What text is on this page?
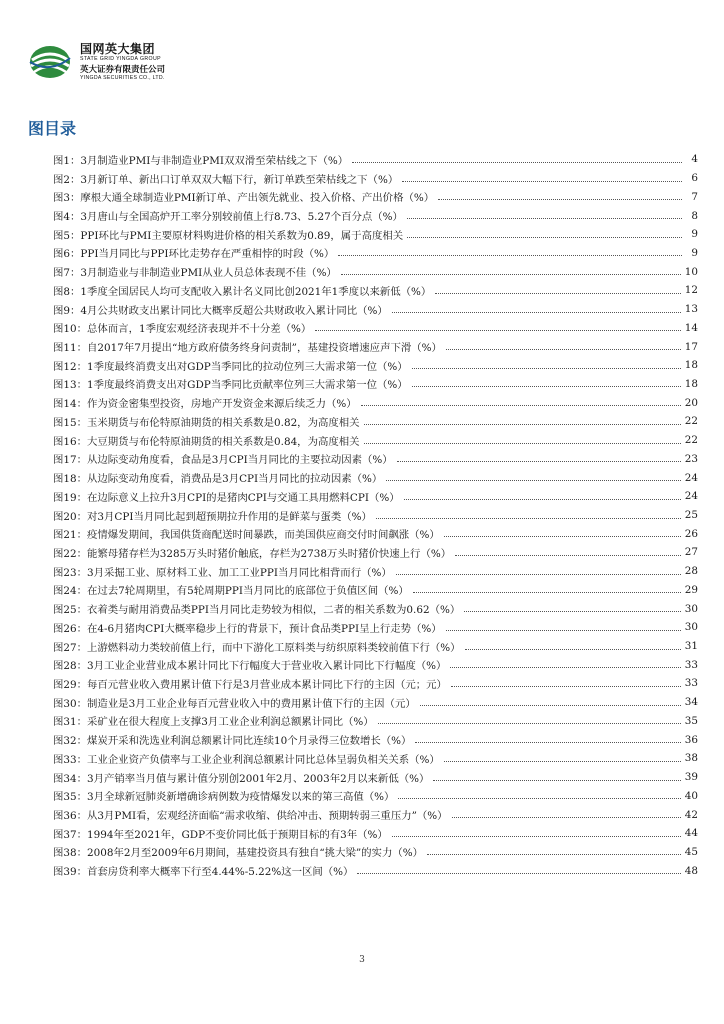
国网英大集团
STATE GRID YINGDA GROUP
英大证券有限责任公司
YINGDA SECURITIES CO., LTD.
图目录
图1： 3月制造业PMI与非制造业PMI双双滑至荣枯线之下（%）	4
图2： 3月新订单、新出口订单双双大幅下行，新订单跌至荣枯线之下（%）	6
图3： 摩根大通全球制造业PMI新订单、产出领先就业、投入价格、产出价格（%）	7
图4： 3月唐山与全国高炉开工率分别较前值上行8.73、5.27个百分点（%）	8
图5： PPI环比与PMI主要原材料购进价格的相关系数为0.89，属于高度相关	9
图6： PPI当月同比与PPI环比走势存在严重相悖的时段（%）	9
图7： 3月制造业与非制造业PMI从业人员总体表现不佳（%）	10
图8： 1季度全国居民人均可支配收入累计名义同比创2021年1季度以来新低（%）	12
图9： 4月公共财政支出累计同比大概率反超公共财政收入累计同比（%）	13
图10： 总体而言，1季度宏观经济表现并不十分差（%）	14
图11： 自2017年7月提出“地方政府债务终身问责制”，基建投资增速应声下滑（%）	17
图12： 1季度最终消费支出对GDP当季同比的拉动位列三大需求第一位（%）	18
图13： 1季度最终消费支出对GDP当季同比贡献率位列三大需求第一位（%）	18
图14： 作为资金密集型投资，房地产开发资金来源后续乏力（%）	20
图15： 玉米期货与布伦特原油期货的相关系数是0.82，为高度相关	22
图16： 大豆期货与布伦特原油期货的相关系数是0.84，为高度相关	22
图17： 从边际变动角度看，食品是3月CPI当月同比的主要拉动因素（%）	23
图18： 从边际变动角度看，消费品是3月CPI当月同比的拉动因素（%）	24
图19： 在边际意义上拉升3月CPI的是猪肉CPI与交通工具用燃料CPI（%）	24
图20： 对3月CPI当月同比起到超预期拉升作用的是鲜菜与蛋类（%）	25
图21： 疫情爆发期间，我国供货商配送时间暴跌，而美国供应商交付时间飙涨（%）	26
图22： 能繁母猪存栏为3285万头时猪价触底，存栏为2738万头时猪价快速上行（%）	27
图23： 3月采掘工业、原材料工业、加工工业PPI当月同比相背而行（%）	28
图24： 在过去7轮周期里，有5轮周期PPI当月同比的底部位于负值区间（%）	29
图25： 衣着类与耐用消费品类PPI当月同比走势较为相似，二者的相关系数为0.62（%）	30
图26： 在4-6月猪肉CPI大概率稳步上行的背景下，预计食品类PPI呈上行走势（%）	30
图27： 上游燃料动力类较前值上行，而中下游化工原料类与纺织原料类较前值下行（%）	31
图28： 3月工业企业营业成本累计同比下行幅度大于营业收入累计同比下行幅度（%）	33
图29： 每百元营业收入费用累计值下行是3月营业成本累计同比下行的主因（元；元）	33
图30： 制造业是3月工业企业每百元营业收入中的费用累计值下行的主因（元）	34
图31： 采矿业在很大程度上支撑3月工业企业利润总额累计同比（%）	35
图32： 煤炭开采和洗选业利润总额累计同比连续10个月录得三位数增长（%）	36
图33： 工业企业资产负债率与工业企业利润总额累计同比总体呈弱负相关关系（%）	38
图34： 3月产销率当月值与累计值分别创2001年2月、2003年2月以来新低（%）	39
图35： 3月全球新冠肺炎新增确诊病例数为疫情爆发以来的第三高值（%）	40
图36： 从3月PMI看，宏观经济面临“需求收缩、供给冲击、预期转弱三重压力”（%）	42
图37： 1994年至2021年，GDP不变价同比低于预期目标的有3年（%）	44
图38： 2008年2月至2009年6月期间，基建投资具有独自“挑大梁”的实力（%）	45
图39： 首套房贷利率大概率下行至4.44%-5.22%这一区间（%）	48
3
